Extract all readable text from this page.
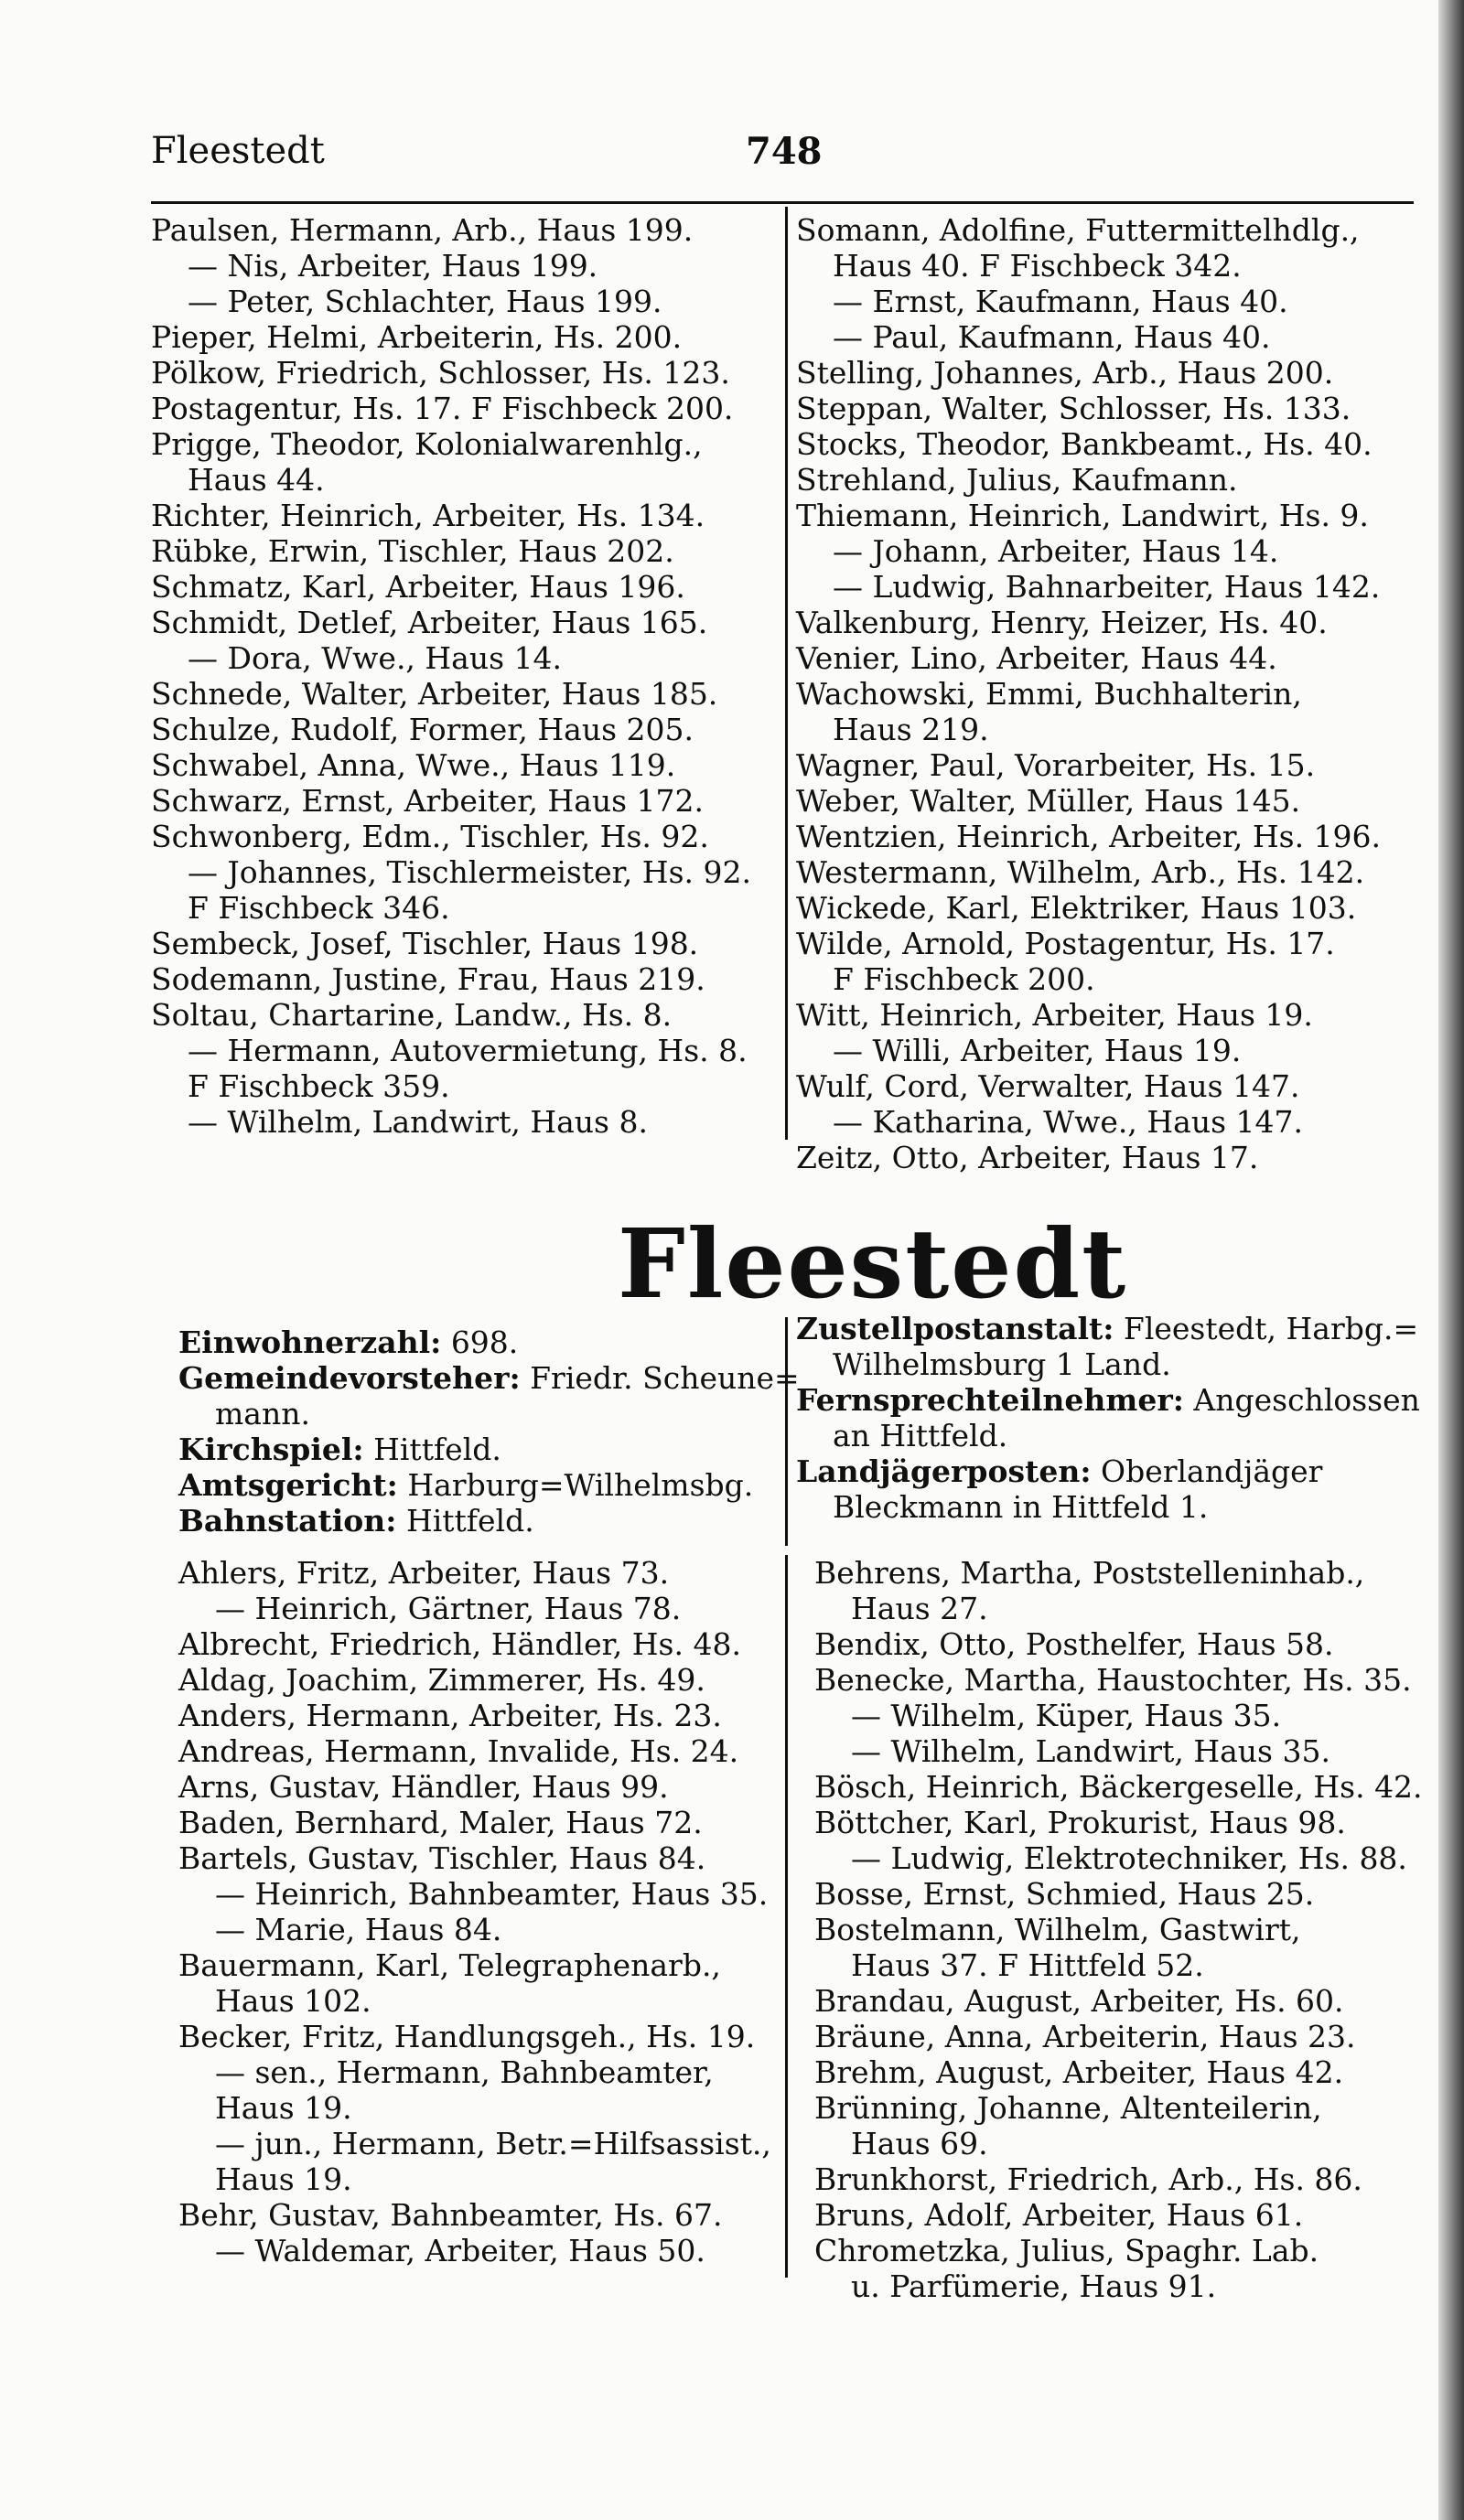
Fleestedt	748

Paulsen, Hermann, Arb., Haus 199.

— Nis, Arbeiter, Haus 199.

— Peter, Schlachter, Haus 199.

Pieper, Helmi, Arbeiterin, Hs. 200.

Pölkow, Friedrich, Schlosser, Hs. 123.

Postagentur, Hs. 17. F Fischbeck 200.

Prigge, Theodor, Kolonialwarenhlg.,

Haus 44.

Richter, Heinrich, Arbeiter, Hs. 134.

Rübke, Erwin, Tischler, Haus 202.

Schmatz, Karl, Arbeiter, Haus 196.

Schmidt, Detlef, Arbeiter, Haus 165.

— Dora, Wwe., Haus 14.

Schnede, Walter, Arbeiter, Haus 185.

Schulze, Rudolf, Former, Haus 205.

Schwabel, Anna, Wwe., Haus 119.

Schwarz, Ernst, Arbeiter, Haus 172.

Schwonberg, Edm., Tischler, Hs. 92.

— Johannes, Tischlermeister, Hs. 92.

F Fischbeck 346.

Sembeck, Josef, Tischler, Haus 198.

Sodemann, Justine, Frau, Haus 219.

Soltau, Chartarine, Landw., Hs. 8.

— Hermann, Autovermietung, Hs. 8.

F Fischbeck 359.

— Wilhelm, Landwirt, Haus 8.

Somann, Adolfine, Futtermittelhdlg.,

Haus 40. F Fischbeck 342.

— Ernst, Kaufmann, Haus 40.

— Paul, Kaufmann, Haus 40.

Stelling, Johannes, Arb., Haus 200.

Steppan, Walter, Schlosser, Hs. 133.

Stocks, Theodor, Bankbeamt., Hs. 40.

Strehland, Julius, Kaufmann.

Thiemann, Heinrich, Landwirt, Hs. 9.

— Johann, Arbeiter, Haus 14.

— Ludwig, Bahnarbeiter, Haus 142.

Valkenburg, Henry, Heizer, Hs. 40.

Venier, Lino, Arbeiter, Haus 44.

Wachowski, Emmi, Buchhalterin,

Haus 219.

Wagner, Paul, Vorarbeiter, Hs. 15.

Weber, Walter, Müller, Haus 145.

Wentzien, Heinrich, Arbeiter, Hs. 196.

Westermann, Wilhelm, Arb., Hs. 142.

Wickede, Karl, Elektriker, Haus 103.

Wilde, Arnold, Postagentur, Hs. 17.

F Fischbeck 200.

Witt, Heinrich, Arbeiter, Haus 19.

— Willi, Arbeiter, Haus 19.

Wulf, Cord, Verwalter, Haus 147.

— Katharina, Wwe., Haus 147.

Zeitz, Otto, Arbeiter, Haus 17.

Fleestedt

Einwohnerzahl: 698.

Gemeindevorsteher: Friedr. Scheune=

mann.

Kirchspiel: Hittfeld.

Amtsgericht: Harburg=Wilhelmsbg.

Bahnstation: Hittfeld.

Zustellpostanstalt: Fleestedt, Harbg.=

Wilhelmsburg 1 Land.

Fernsprechteilnehmer: Angeschlossen

an Hittfeld.

Landjägerposten: Oberlandjäger

Bleckmann in Hittfeld 1.

Ahlers, Fritz, Arbeiter, Haus 73.

— Heinrich, Gärtner, Haus 78.

Albrecht, Friedrich, Händler, Hs. 48.

Aldag, Joachim, Zimmerer, Hs. 49.

Anders, Hermann, Arbeiter, Hs. 23.

Andreas, Hermann, Invalide, Hs. 24.

Arns, Gustav, Händler, Haus 99.

Baden, Bernhard, Maler, Haus 72.

Bartels, Gustav, Tischler, Haus 84.

— Heinrich, Bahnbeamter, Haus 35.

— Marie, Haus 84.

Bauermann, Karl, Telegraphenarb.,

Haus 102.

Becker, Fritz, Handlungsgeh., Hs. 19.

— sen., Hermann, Bahnbeamter,

Haus 19.

— jun., Hermann, Betr.=Hilfsassist.,

Haus 19.

Behr, Gustav, Bahnbeamter, Hs. 67.

— Waldemar, Arbeiter, Haus 50.

Behrens, Martha, Poststelleninhab.,

Haus 27.

Bendix, Otto, Posthelfer, Haus 58.

Benecke, Martha, Haustochter, Hs. 35.

— Wilhelm, Küper, Haus 35.

— Wilhelm, Landwirt, Haus 35.

Bösch, Heinrich, Bäckergeselle, Hs. 42.

Böttcher, Karl, Prokurist, Haus 98.

— Ludwig, Elektrotechniker, Hs. 88.

Bosse, Ernst, Schmied, Haus 25.

Bostelmann, Wilhelm, Gastwirt,

Haus 37. F Hittfeld 52.

Brandau, August, Arbeiter, Hs. 60.

Bräune, Anna, Arbeiterin, Haus 23.

Brehm, August, Arbeiter, Haus 42.

Brünning, Johanne, Altenteilerin,

Haus 69.

Brunkhorst, Friedrich, Arb., Hs. 86.

Bruns, Adolf, Arbeiter, Haus 61.

Chrometzka, Julius, Spaghr. Lab.

u. Parfümerie, Haus 91.
